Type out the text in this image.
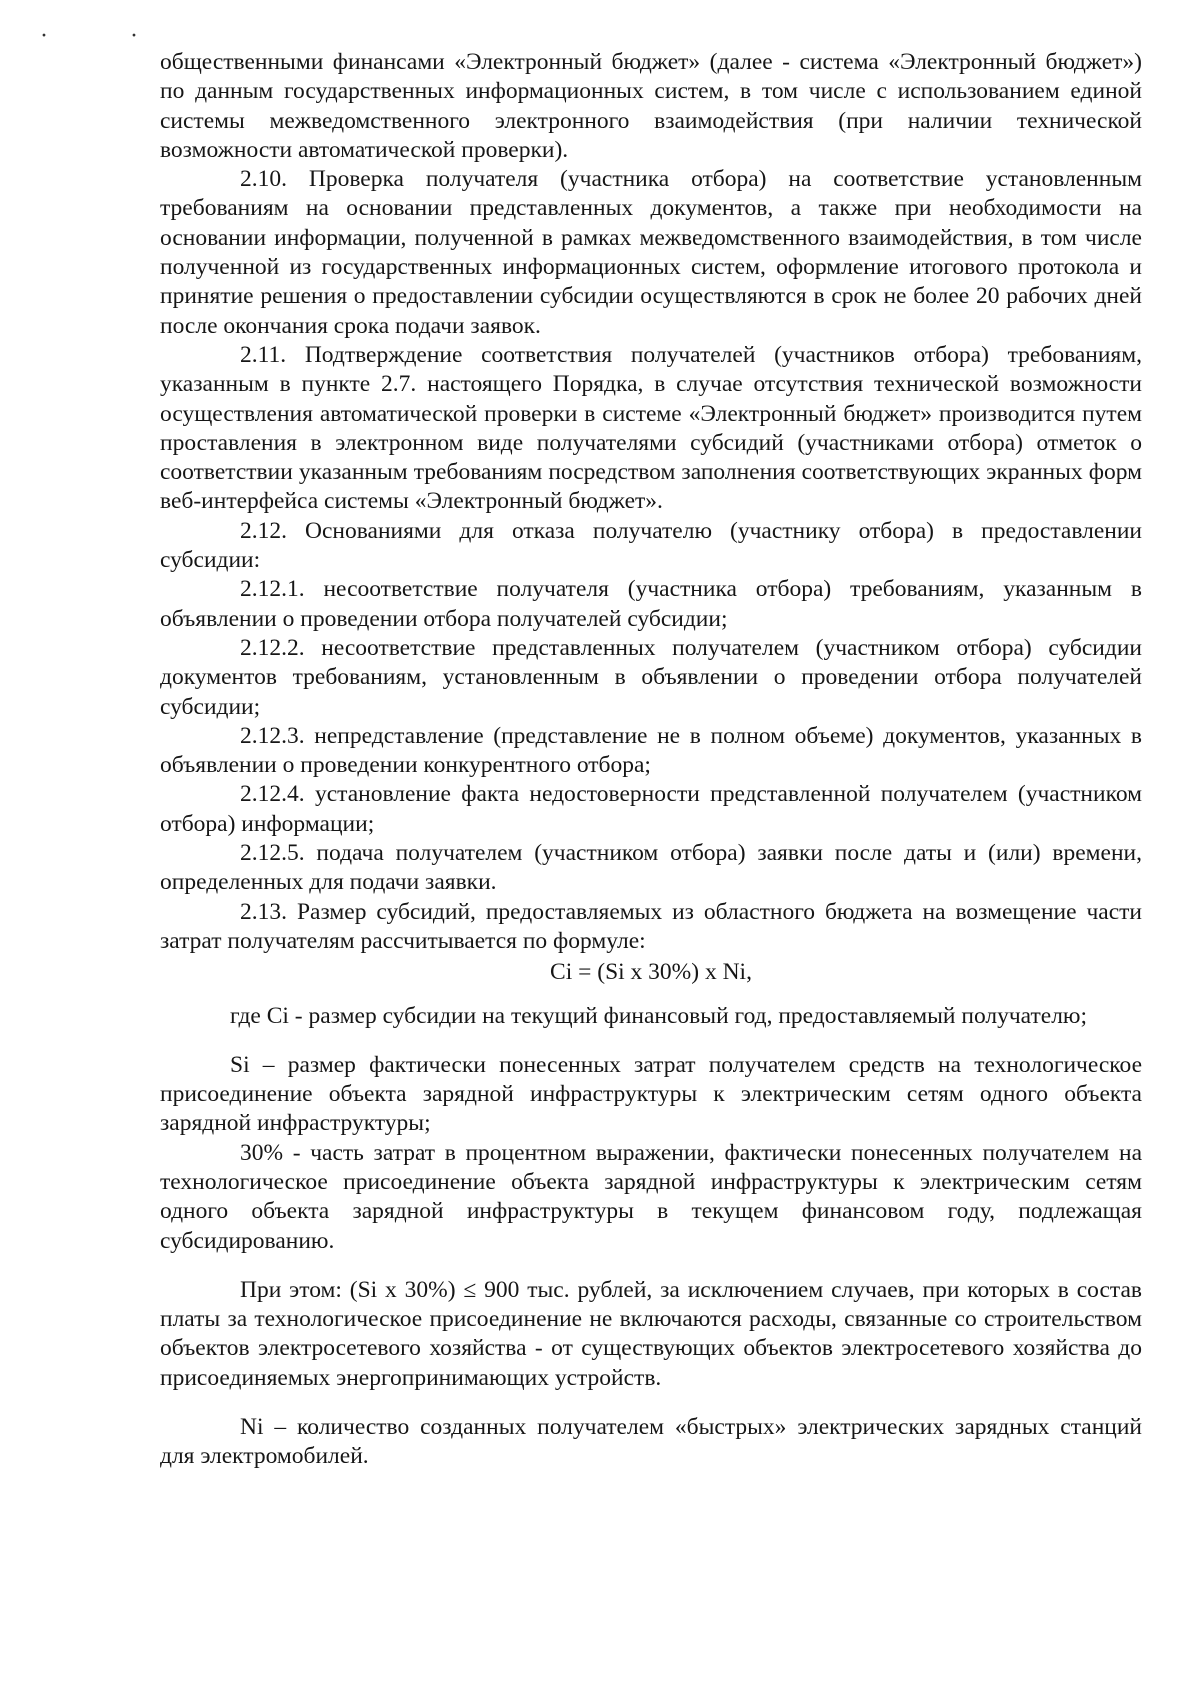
· ·

общественными финансами «Электронный бюджет» (далее - система «Электронный бюджет») по данным государственных информационных систем, в том числе с использованием единой системы межведомственного электронного взаимодействия (при наличии технической возможности автоматической проверки).

2.10. Проверка получателя (участника отбора) на соответствие установленным требованиям на основании представленных документов, а также при необходимости на основании информации, полученной в рамках межведомственного взаимодействия, в том числе полученной из государственных информационных систем, оформление итогового протокола и принятие решения о предоставлении субсидии осуществляются в срок не более 20 рабочих дней после окончания срока подачи заявок.

2.11. Подтверждение соответствия получателей (участников отбора) требованиям, указанным в пункте 2.7. настоящего Порядка, в случае отсутствия технической возможности осуществления автоматической проверки в системе «Электронный бюджет» производится путем проставления в электронном виде получателями субсидий (участниками отбора) отметок о соответствии указанным требованиям посредством заполнения соответствующих экранных форм веб-интерфейса системы «Электронный бюджет».

2.12. Основаниями для отказа получателю (участнику отбора) в предоставлении субсидии:

2.12.1. несоответствие получателя (участника отбора) требованиям, указанным в объявлении о проведении отбора получателей субсидии;

2.12.2. несоответствие представленных получателем (участником отбора) субсидии документов требованиям, установленным в объявлении о проведении отбора получателей субсидии;

2.12.3. непредставление (представление не в полном объеме) документов, указанных в объявлении о проведении конкурентного отбора;

2.12.4. установление факта недостоверности представленной получателем (участником отбора) информации;

2.12.5. подача получателем (участником отбора) заявки после даты и (или) времени, определенных для подачи заявки.

2.13. Размер субсидий, предоставляемых из областного бюджета на возмещение части затрат получателям рассчитывается по формуле:

Ci = (Si x 30%) x Ni,

где Ci - размер субсидии на текущий финансовый год, предоставляемый получателю;

Si – размер фактически понесенных затрат получателем средств на технологическое присоединение объекта зарядной инфраструктуры к электрическим сетям одного объекта зарядной инфраструктуры;

30% - часть затрат в процентном выражении, фактически понесенных получателем на технологическое присоединение объекта зарядной инфраструктуры к электрическим сетям одного объекта зарядной инфраструктуры в текущем финансовом году, подлежащая субсидированию.

При этом: (Si x 30%) ≤ 900 тыс. рублей, за исключением случаев, при которых в состав платы за технологическое присоединение не включаются расходы, связанные со строительством объектов электросетевого хозяйства - от существующих объектов электросетевого хозяйства до присоединяемых энергопринимающих устройств.

Ni – количество созданных получателем «быстрых» электрических зарядных станций для электромобилей.
